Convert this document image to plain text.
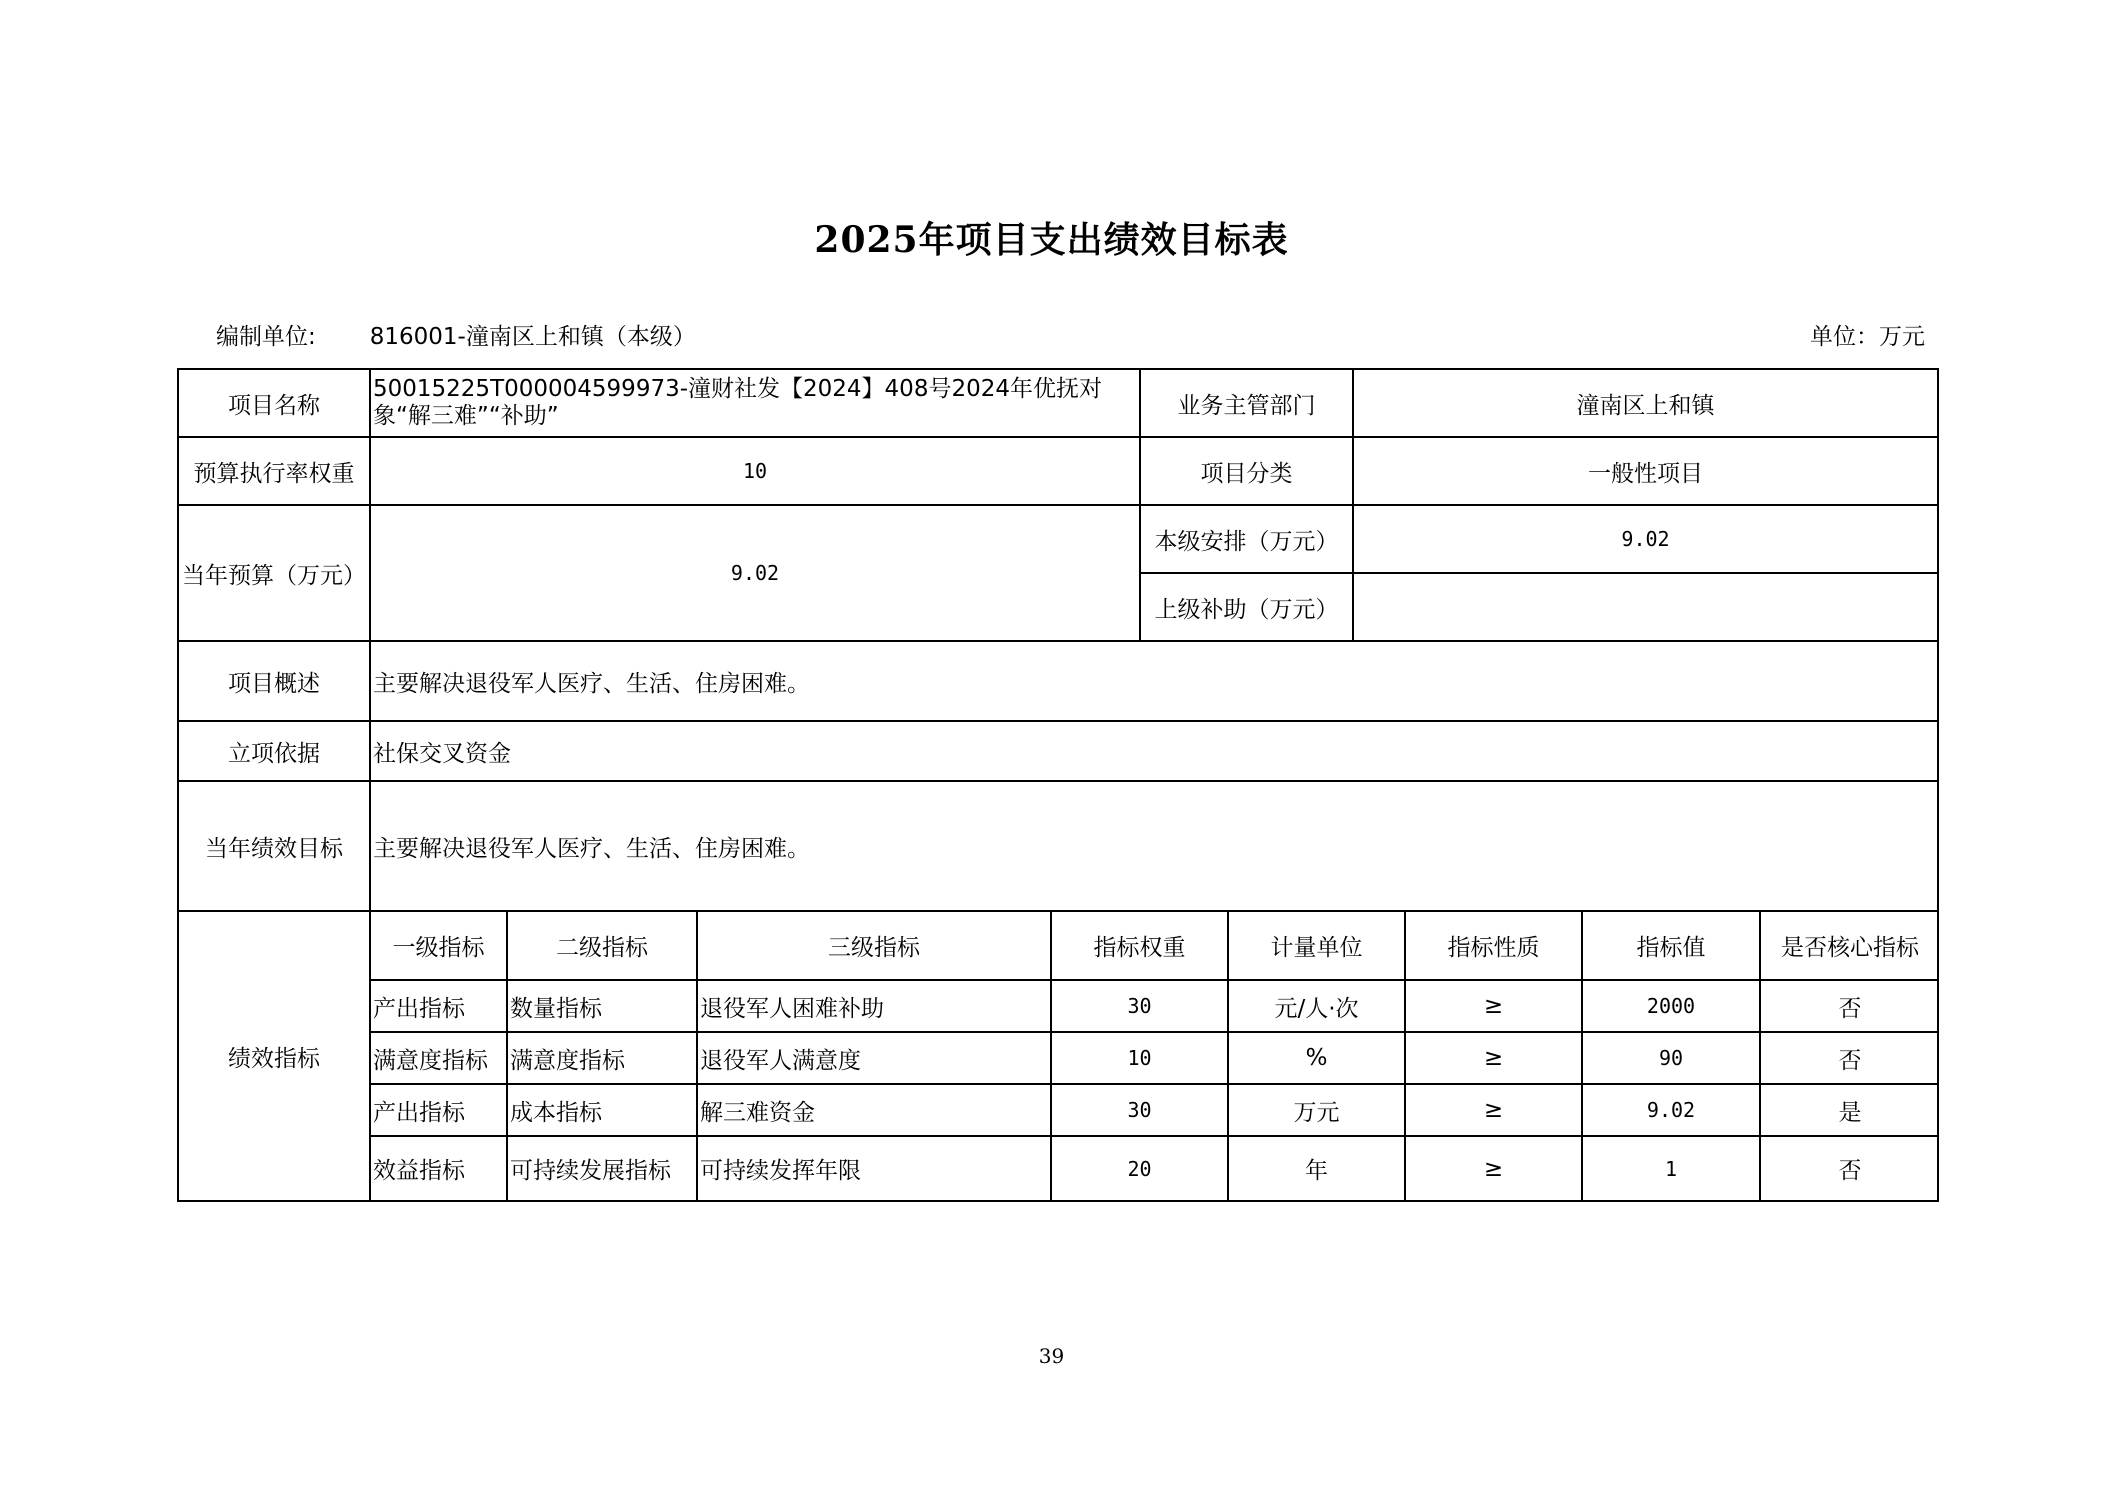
2025年项目支出绩效目标表
编制单位: 816001-潼南区上和镇（本级）	单位：万元
项目名称	50015225T000004599973-潼财社发【2024】408号2024年优抚对象“解三难”“补助”	业务主管部门	潼南区上和镇
预算执行率权重	10	项目分类	一般性项目
当年预算（万元）	9.02	本级安排（万元）	9.02
上级补助（万元）	
项目概述	主要解决退役军人医疗、生活、住房困难。
立项依据	社保交叉资金
当年绩效目标	主要解决退役军人医疗、生活、住房困难。
绩效指标	
一级指标	二级指标	三级指标	指标权重	计量单位	指标性质	指标值	是否核心指标
产出指标	数量指标	退役军人困难补助	30	元/人·次	≥	2000	否
满意度指标	满意度指标	退役军人满意度	10	%	≥	90	否
产出指标	成本指标	解三难资金	30	万元	≥	9.02	是
效益指标	可持续发展指标	可持续发挥年限	20	年	≥	1	否
39
